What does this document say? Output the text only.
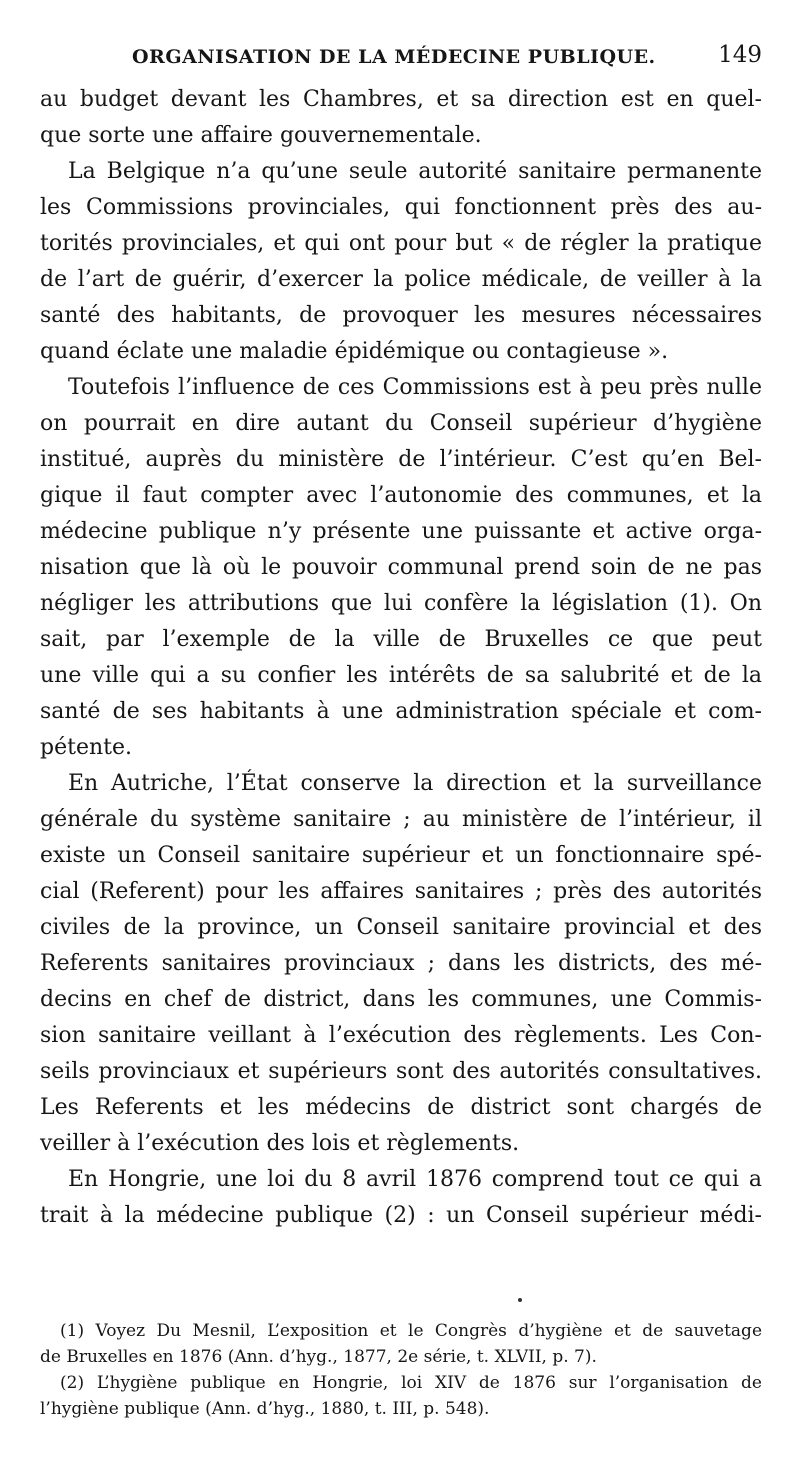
ORGANISATION DE LA MÉDECINE PUBLIQUE.	149
au budget devant les Chambres, et sa direction est en quel-
que sorte une affaire gouvernementale.
La Belgique n’a qu’une seule autorité sanitaire permanente
les Commissions provinciales, qui fonctionnent près des au-
torités provinciales, et qui ont pour but « de régler la pratique
de l’art de guérir, d’exercer la police médicale, de veiller à la
santé des habitants, de provoquer les mesures nécessaires
quand éclate une maladie épidémique ou contagieuse ».
Toutefois l’influence de ces Commissions est à peu près nulle
on pourrait en dire autant du Conseil supérieur d’hygiène
institué, auprès du ministère de l’intérieur. C’est qu’en Bel-
gique il faut compter avec l’autonomie des communes, et la
médecine publique n’y présente une puissante et active orga-
nisation que là où le pouvoir communal prend soin de ne pas
négliger les attributions que lui confère la législation (1). On
sait, par l’exemple de la ville de Bruxelles ce que peut
une ville qui a su confier les intérêts de sa salubrité et de la
santé de ses habitants à une administration spéciale et com-
pétente.
En Autriche, l’État conserve la direction et la surveillance
générale du système sanitaire ; au ministère de l’intérieur, il
existe un Conseil sanitaire supérieur et un fonctionnaire spé-
cial (Referent) pour les affaires sanitaires ; près des autorités
civiles de la province, un Conseil sanitaire provincial et des
Referents sanitaires provinciaux ; dans les districts, des mé-
decins en chef de district, dans les communes, une Commis-
sion sanitaire veillant à l’exécution des règlements. Les Con-
seils provinciaux et supérieurs sont des autorités consultatives.
Les Referents et les médecins de district sont chargés de
veiller à l’exécution des lois et règlements.
En Hongrie, une loi du 8 avril 1876 comprend tout ce qui a
trait à la médecine publique (2) : un Conseil supérieur médi-
(1) Voyez Du Mesnil, L’exposition et le Congrès d’hygiène et de sauvetage
de Bruxelles en 1876 (Ann. d’hyg., 1877, 2e série, t. XLVII, p. 7).
(2) L’hygiène publique en Hongrie, loi XIV de 1876 sur l’organisation de
l’hygiène publique (Ann. d’hyg., 1880, t. III, p. 548).
